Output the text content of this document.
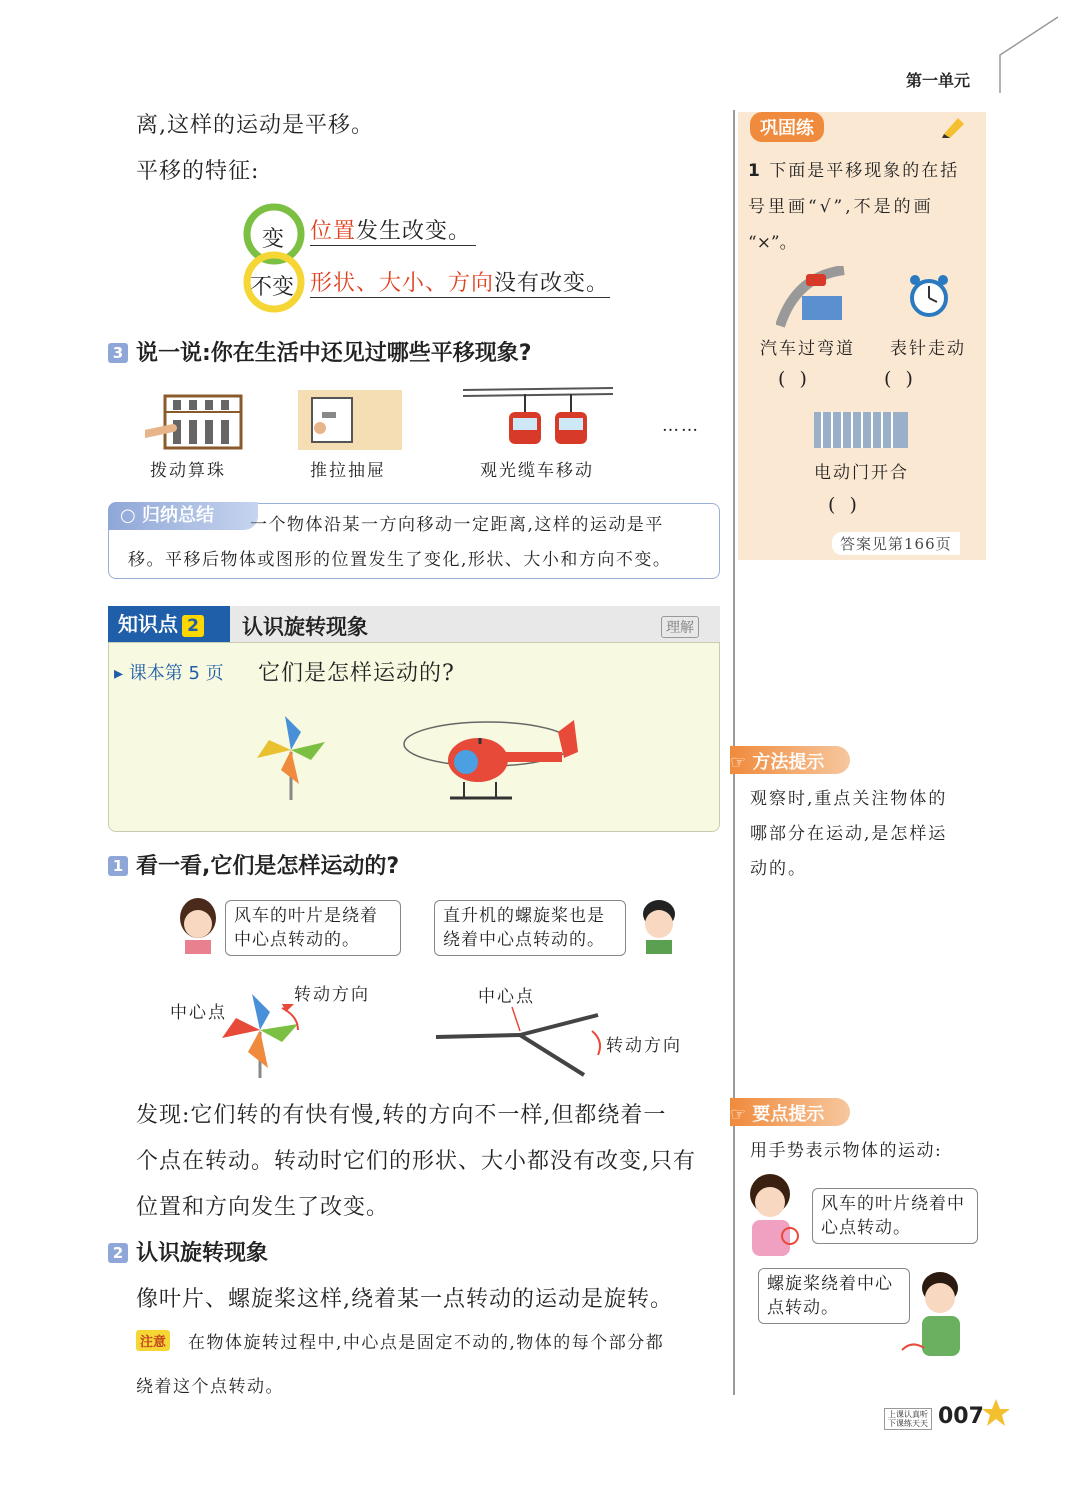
第一单元
离,这样的运动是平移。
平移的特征:
变
不变
位置发生改变。
形状、大小、方向没有改变。
3 说一说:你在生活中还见过哪些平移现象?
拨动算珠	推拉抽屉	观光缆车移动
……
○ 归纳总结	一个物体沿某一方向移动一定距离,这样的运动是平
移。平移后物体或图形的位置发生了变化,形状、大小和方向不变。
知识点 2	认识旋转现象	理解
▸ 课本第 5 页 它们是怎样运动的?
1 看一看,它们是怎样运动的?
风车的叶片是绕着
中心点转动的。
直升机的螺旋桨也是
绕着中心点转动的。
中心点
转动方向	中心点
转动方向
发现:它们转的有快有慢,转的方向不一样,但都绕着一
个点在转动。转动时它们的形状、大小都没有改变,只有
位置和方向发生了改变。
2 认识旋转现象
像叶片、螺旋桨这样,绕着某一点转动的运动是旋转。
注意 在物体旋转过程中,中心点是固定不动的,物体的每个部分都
绕着这个点转动。
巩固练
1 下面是平移现象的在括
号里画“√”,不是的画
“×”。
汽车过弯道 表针走动
( )	( )
电动门开合
( )
答案见第166页
☞ 方法提示
观察时,重点关注物体的
哪部分在运动,是怎样运
动的。
☞ 要点提示
用手势表示物体的运动:
风车的叶片绕着中
心点转动。
螺旋桨绕着中心
点转动。
上课认真听
下课练天天 007
